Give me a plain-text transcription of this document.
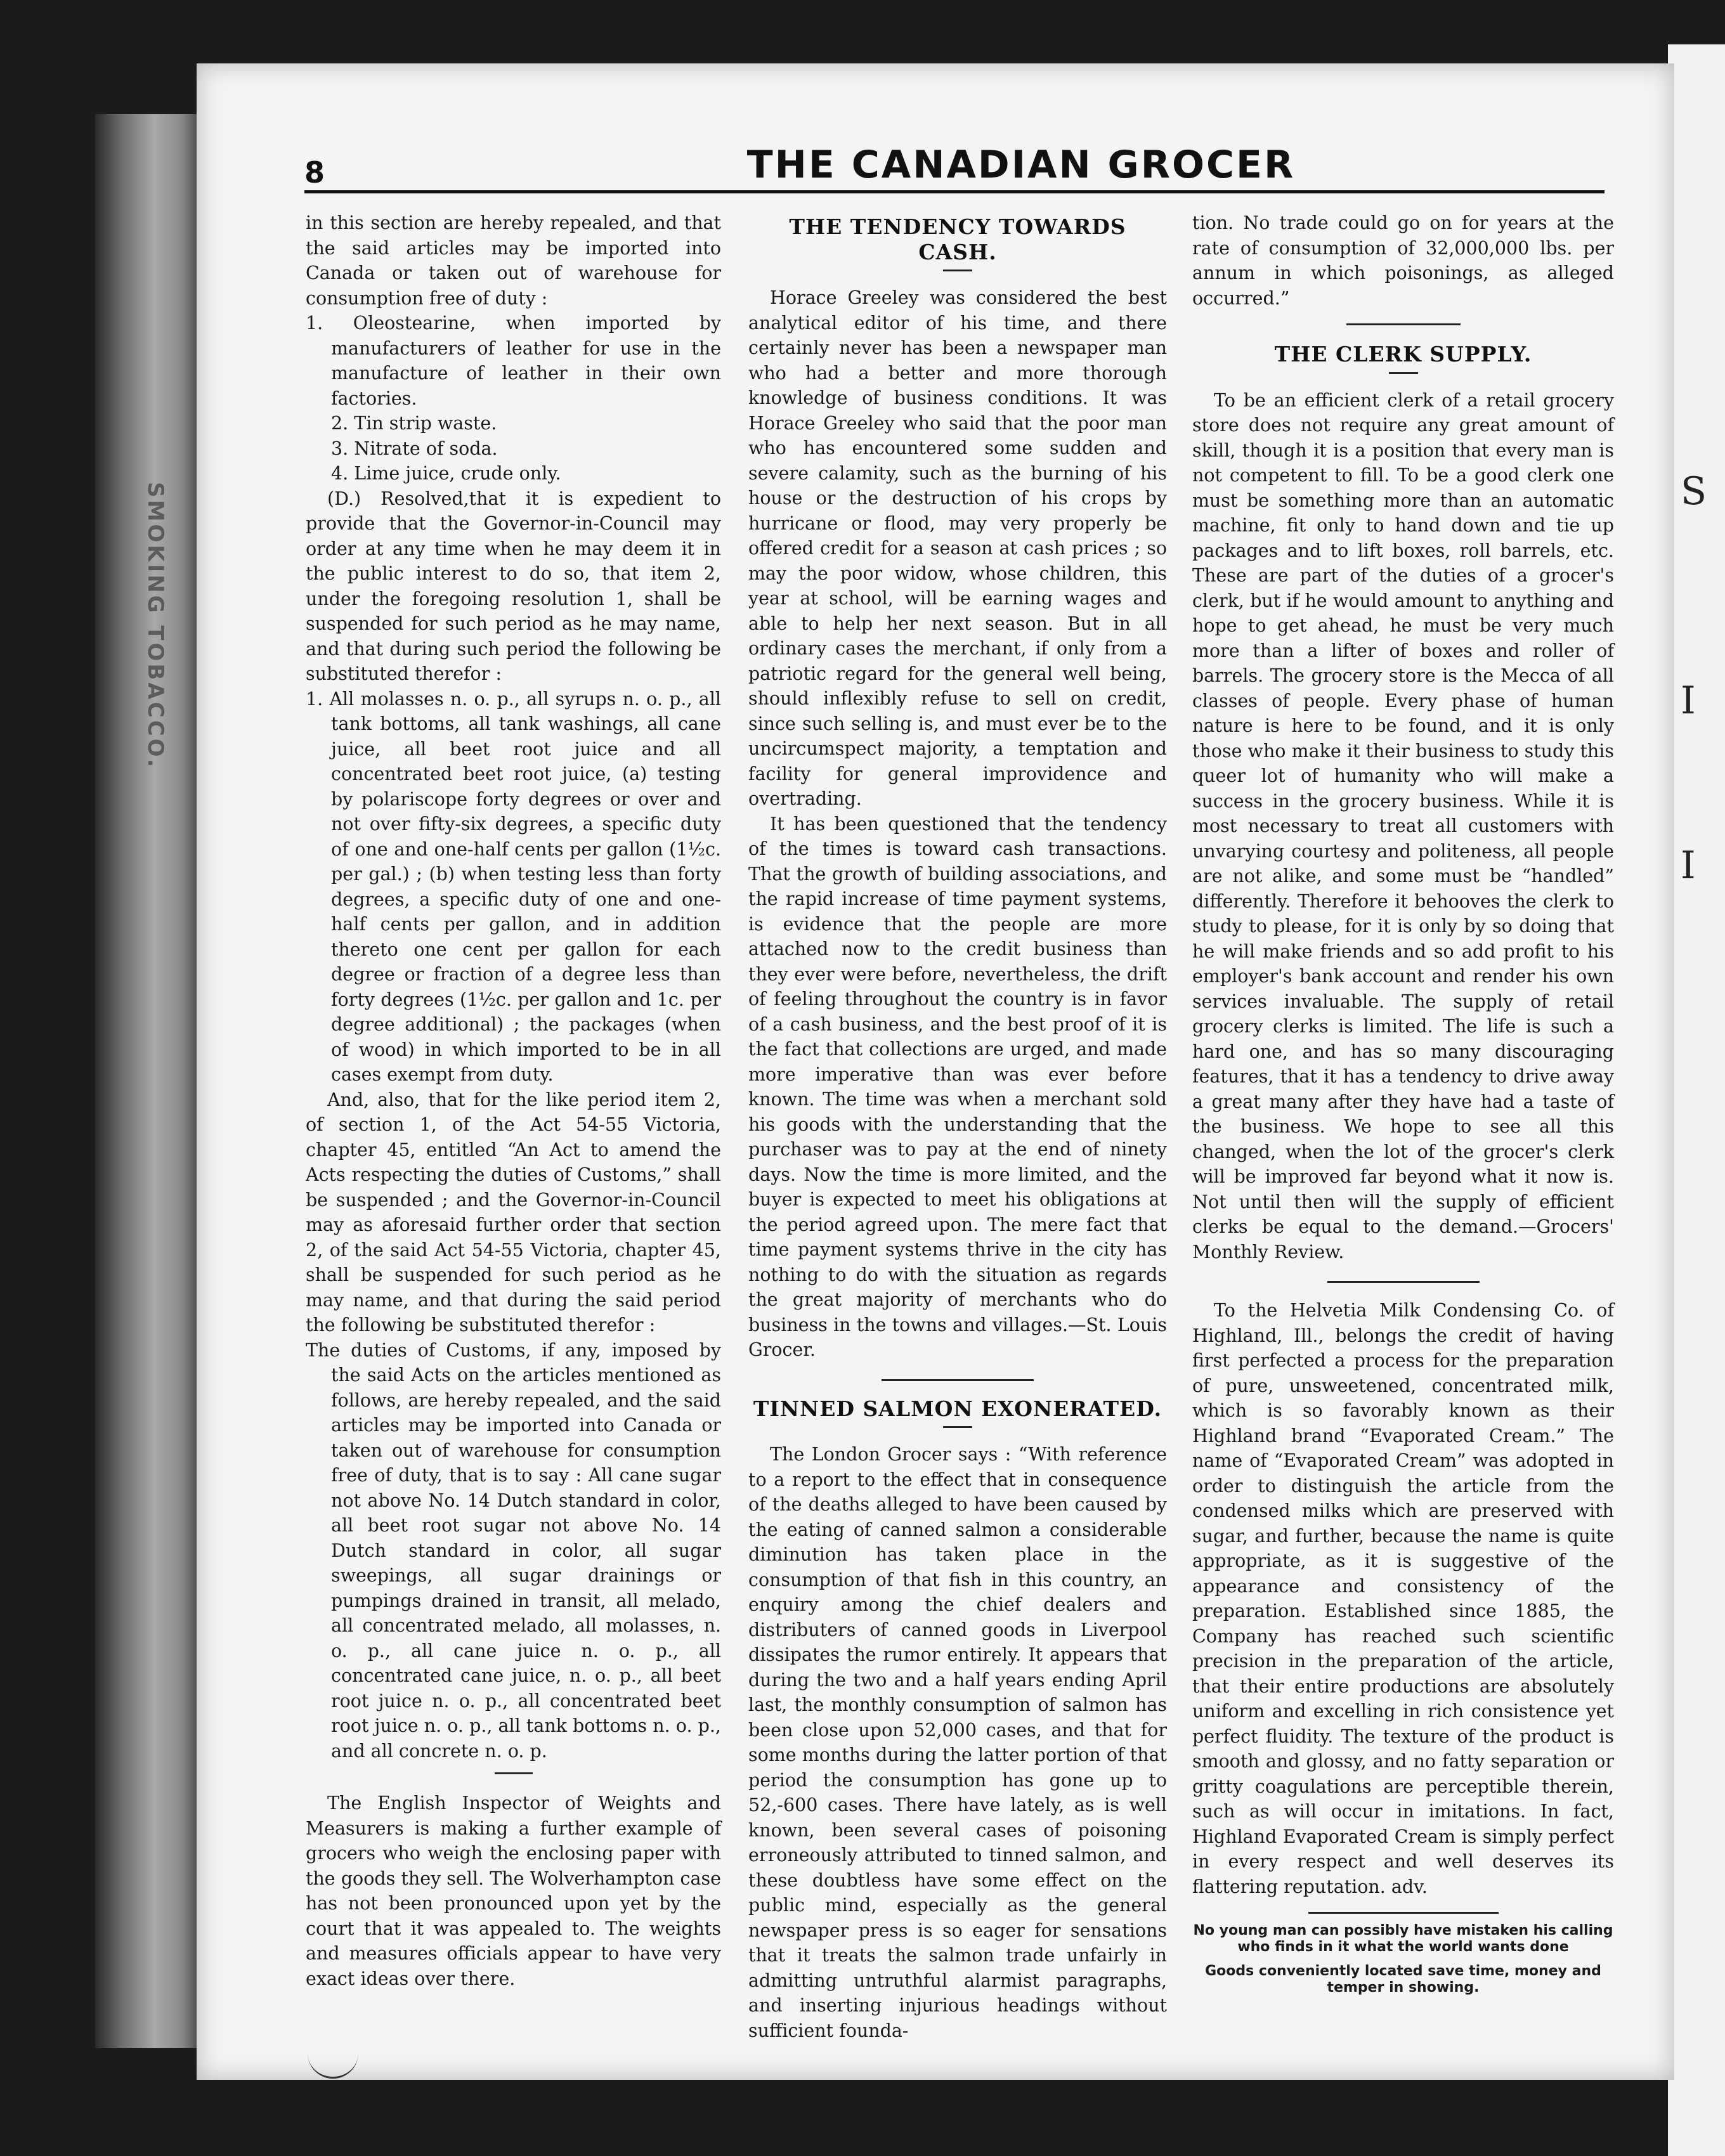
SMOKING TOBACCO.	S
I
I
8	THE CANADIAN GROCER

in this section are hereby repealed, and that the said articles may be imported into Canada or taken out of warehouse for consumption free of duty :

1. Oleostearine, when imported by manufacturers of leather for use in the manufacture of leather in their own factories.

2. Tin strip waste.

3. Nitrate of soda.

4. Lime juice, crude only.

(D.) Resolved,that it is expedient to provide that the Governor-in-Council may order at any time when he may deem it in the public interest to do so, that item 2, under the foregoing resolution 1, shall be suspended for such period as he may name, and that during such period the following be substituted therefor :

1. All molasses n. o. p., all syrups n. o. p., all tank bottoms, all tank washings, all cane juice, all beet root juice and all concentrated beet root juice, (a) testing by polariscope forty degrees or over and not over fifty-six degrees, a specific duty of one and one-half cents per gallon (1½c. per gal.) ; (b) when testing less than forty degrees, a specific duty of one and one-half cents per gallon, and in addition thereto one cent per gallon for each degree or fraction of a degree less than forty degrees (1½c. per gallon and 1c. per degree additional) ; the packages (when of wood) in which imported to be in all cases exempt from duty.

And, also, that for the like period item 2, of section 1, of the Act 54-55 Victoria, chapter 45, entitled “An Act to amend the Acts respecting the duties of Customs,” shall be suspended ; and the Governor-in-Council may as aforesaid further order that section 2, of the said Act 54-55 Victoria, chapter 45, shall be suspended for such period as he may name, and that during the said period the following be substituted therefor :

The duties of Customs, if any, imposed by the said Acts on the articles mentioned as follows, are hereby repealed, and the said articles may be imported into Canada or taken out of warehouse for consumption free of duty, that is to say : All cane sugar not above No. 14 Dutch standard in color, all beet root sugar not above No. 14 Dutch standard in color, all sugar sweepings, all sugar drainings or pumpings drained in transit, all melado, all concentrated melado, all molasses, n. o. p., all cane juice n. o. p., all concentrated cane juice, n. o. p., all beet root juice n. o. p., all concentrated beet root juice n. o. p., all tank bottoms n. o. p., and all concrete n. o. p.

The English Inspector of Weights and Measurers is making a further example of grocers who weigh the enclosing paper with the goods they sell. The Wolverhampton case has not been pronounced upon yet by the court that it was appealed to. The weights and measures officials appear to have very exact ideas over there.

THE TENDENCY TOWARDS CASH.

Horace Greeley was considered the best analytical editor of his time, and there certainly never has been a newspaper man who had a better and more thorough knowledge of business conditions. It was Horace Greeley who said that the poor man who has encountered some sudden and severe calamity, such as the burning of his house or the destruction of his crops by hurricane or flood, may very properly be offered credit for a season at cash prices ; so may the poor widow, whose children, this year at school, will be earning wages and able to help her next season. But in all ordinary cases the merchant, if only from a patriotic regard for the general well being, should inflexibly refuse to sell on credit, since such selling is, and must ever be to the uncircumspect majority, a temptation and facility for general improvidence and overtrading.

It has been questioned that the tendency of the times is toward cash transactions. That the growth of building associations, and the rapid increase of time payment systems, is evidence that the people are more attached now to the credit business than they ever were before, nevertheless, the drift of feeling throughout the country is in favor of a cash business, and the best proof of it is the fact that collections are urged, and made more imperative than was ever before known. The time was when a merchant sold his goods with the understanding that the purchaser was to pay at the end of ninety days. Now the time is more limited, and the buyer is expected to meet his obligations at the period agreed upon. The mere fact that time payment systems thrive in the city has nothing to do with the situation as regards the great majority of merchants who do business in the towns and villages.—St. Louis Grocer.

TINNED SALMON EXONERATED.

The London Grocer says : “With reference to a report to the effect that in consequence of the deaths alleged to have been caused by the eating of canned salmon a considerable diminution has taken place in the consumption of that fish in this country, an enquiry among the chief dealers and distributers of canned goods in Liverpool dissipates the rumor entirely. It appears that during the two and a half years ending April last, the monthly consumption of salmon has been close upon 52,000 cases, and that for some months during the latter portion of that period the consumption has gone up to 52,-600 cases. There have lately, as is well known, been several cases of poisoning erroneously attributed to tinned salmon, and these doubtless have some effect on the public mind, especially as the general newspaper press is so eager for sensations that it treats the salmon trade unfairly in admitting untruthful alarmist paragraphs, and inserting injurious headings without sufficient founda-

tion. No trade could go on for years at the rate of consumption of 32,000,000 lbs. per annum in which poisonings, as alleged occurred.”

THE CLERK SUPPLY.

To be an efficient clerk of a retail grocery store does not require any great amount of skill, though it is a position that every man is not competent to fill. To be a good clerk one must be something more than an automatic machine, fit only to hand down and tie up packages and to lift boxes, roll barrels, etc. These are part of the duties of a grocer's clerk, but if he would amount to anything and hope to get ahead, he must be very much more than a lifter of boxes and roller of barrels. The grocery store is the Mecca of all classes of people. Every phase of human nature is here to be found, and it is only those who make it their business to study this queer lot of humanity who will make a success in the grocery business. While it is most necessary to treat all customers with unvarying courtesy and politeness, all people are not alike, and some must be “handled” differently. Therefore it behooves the clerk to study to please, for it is only by so doing that he will make friends and so add profit to his employer's bank account and render his own services invaluable. The supply of retail grocery clerks is limited. The life is such a hard one, and has so many discouraging features, that it has a tendency to drive away a great many after they have had a taste of the business. We hope to see all this changed, when the lot of the grocer's clerk will be improved far beyond what it now is. Not until then will the supply of efficient clerks be equal to the demand.—Grocers' Monthly Review.

To the Helvetia Milk Condensing Co. of Highland, Ill., belongs the credit of having first perfected a process for the preparation of pure, unsweetened, concentrated milk, which is so favorably known as their Highland brand “Evaporated Cream.” The name of “Evaporated Cream” was adopted in order to distinguish the article from the condensed milks which are preserved with sugar, and further, because the name is quite appropriate, as it is suggestive of the appearance and consistency of the preparation. Established since 1885, the Company has reached such scientific precision in the preparation of the article, that their entire productions are absolutely uniform and excelling in rich consistence yet perfect fluidity. The texture of the product is smooth and glossy, and no fatty separation or gritty coagulations are perceptible therein, such as will occur in imitations. In fact, Highland Evaporated Cream is simply perfect in every respect and well deserves its flattering reputation. adv.

No young man can possibly have mistaken his calling who finds in it what the world wants done

Goods conveniently located save time, money and temper in showing.
